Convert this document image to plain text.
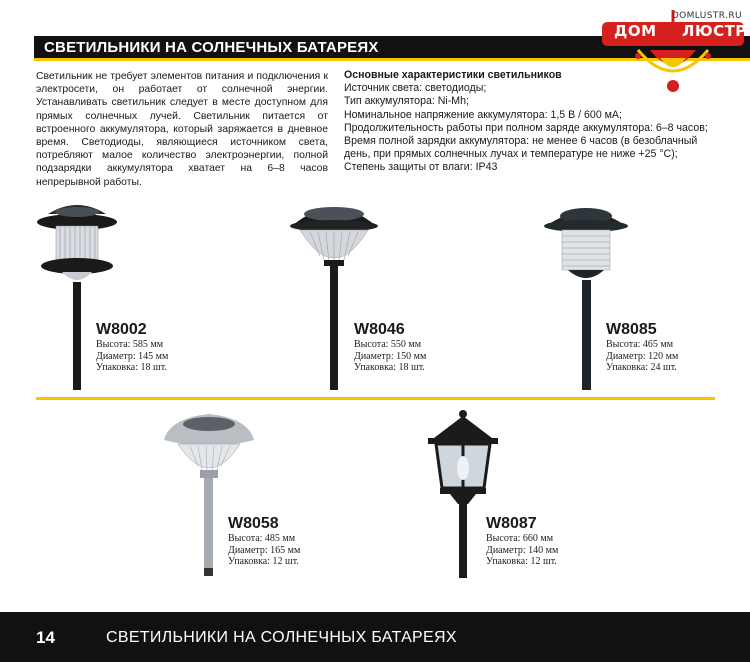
СВЕТИЛЬНИКИ НА СОЛНЕЧНЫХ БАТАРЕЯХ
DOMLUSTR.RU
ДОМ ЛЮСТР
Светильник не требует элементов питания и подключения к электросети, он работает от солнечной энергии. Устанавливать светильник следует в месте доступном для прямых солнечных лучей. Светильник питается от встроенного аккумулятора, который заряжается в дневное время. Светодиоды, являющиеся источником света, потребляют малое количество электроэнергии, полной подзарядки аккумулятора хватает на 6–8 часов непрерывной работы.

Основные характеристики светильников

Источник света: светодиоды;

Тип аккумулятора: Ni-Mh;

Номинальное напряжение аккумулятора: 1,5 В / 600 мА;

Продолжительность работы при полном заряде аккумулятора: 6–8 часов;

Время полной зарядки аккумулятора: не менее 6 часов (в безоблачный день, при прямых солнечных лучах и температуре не ниже +25 °С);

Степень защиты от влаги: IP43

W8002
Высота: 585 мм
Диаметр: 145 мм
Упаковка: 18 шт.
W8046
Высота: 550 мм
Диаметр: 150 мм
Упаковка: 18 шт.
W8085
Высота: 465 мм
Диаметр: 120 мм
Упаковка: 24 шт.
W8058
Высота: 485 мм
Диаметр: 165 мм
Упаковка: 12 шт.
W8087
Высота: 660 мм
Диаметр: 140 мм
Упаковка: 12 шт.
14	СВЕТИЛЬНИКИ НА СОЛНЕЧНЫХ БАТАРЕЯХ
